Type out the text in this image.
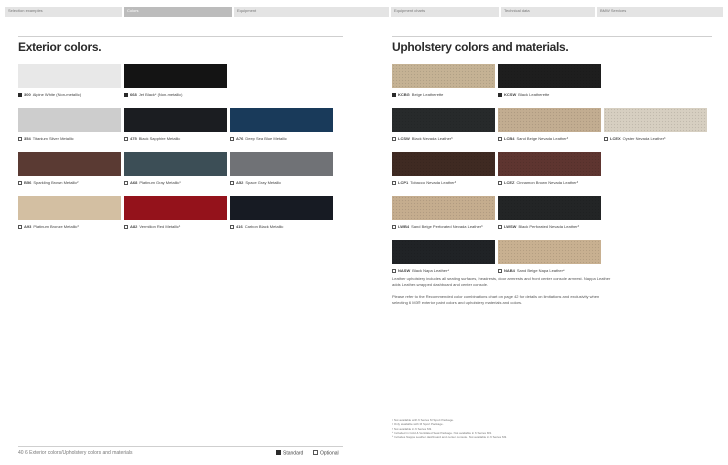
Selection examples	Colors	Equipment	Equipment charts	Technical data	BMW Services
Exterior colors.	Upholstery colors and materials.
300 Alpine White (Non-metallic)	668 Jet Black* (Non-metallic)
354 Titanium Silver Metallic	475 Black Sapphire Metallic	A76 Deep Sea Blue Metallic
B56 Sparkling Brown Metallic²	A68 Platinum Gray Metallic¹	A52 Space Gray Metallic
A93 Platinum Bronze Metallic³	A82 Vermilion Red Metallic¹	416 Carbon Black Metallic
KCBG Beige Leatherette	KCSW Black Leatherette
LCSW Black Nevada Leather³	LCB4 Sand Beige Nevada Leather³	LCEX Oyster Nevada Leather³
LCP1 Tobacco Nevada Leather³	LCEZ Cinnamon Brown Nevada Leather³
LWB4 Sand Beige Perforated Nevada Leather³	LWSW Black Perforated Nevada Leather³
NASW Black Napa Leather⁴	NAB4 Sand Beige Napa Leather⁴
Leather upholstery includes all seating surfaces, headrests, door armrests and front center console armrest. Nappa Leather adds Leather-wrapped dashboard and center console.
Please refer to the Recommended color combinations chart on page 42 for details on limitations and exclusivity when selecting 6 M3® exterior paint colors and upholstery materials and colors.
¹ Not available with 6 Series M Sport Package.
² Only available with M Sport Package.
³ Not available in 6 Series M3.
⁴ Included in Cold & Ventilated Seat Package. Not available in 6 Series M3.
⁵ Includes Nappa Leather dashboard and center console. Not available in 6 Series M3.
40 6 Exterior colors/Upholstery colors and materials	Standard	Optional
